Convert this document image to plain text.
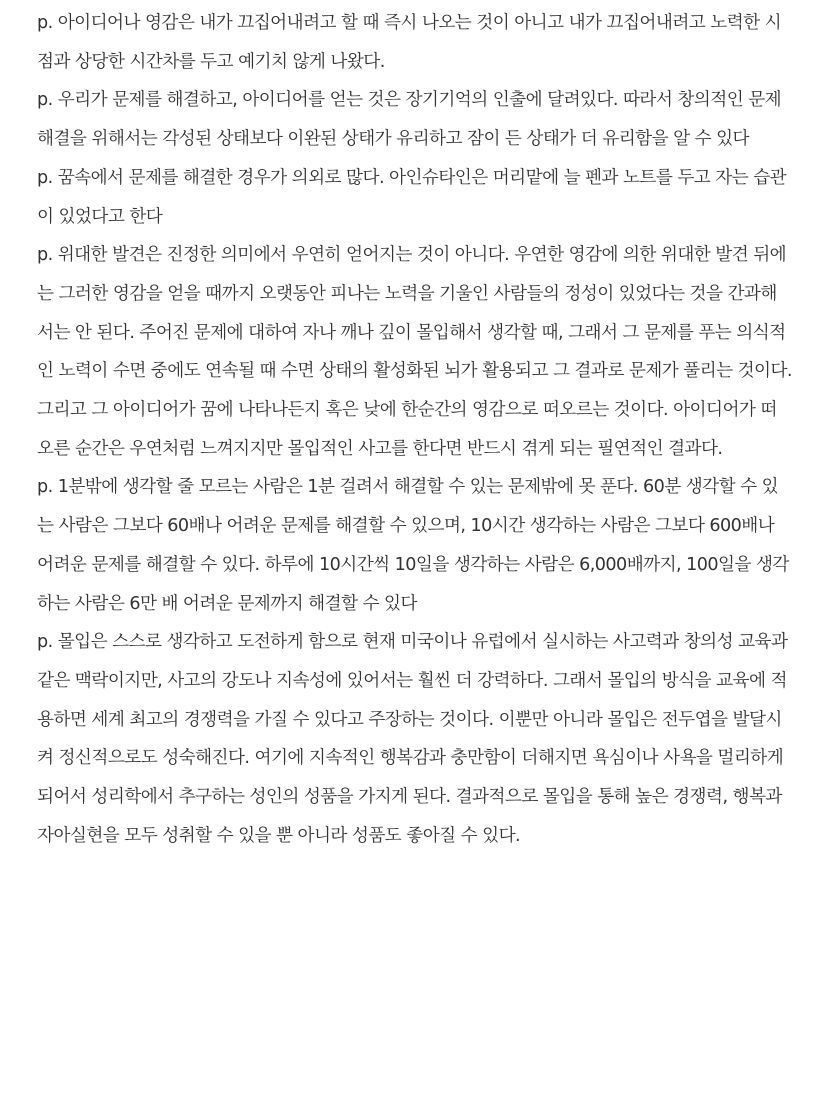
p. 아이디어나 영감은 내가 끄집어내려고 할 때 즉시 나오는 것이 아니고 내가 끄집어내려고 노력한 시점과 상당한 시간차를 두고 예기치 않게 나왔다.

p. 우리가 문제를 해결하고, 아이디어를 얻는 것은 장기기억의 인출에 달려있다. 따라서 창의적인 문제 해결을 위해서는 각성된 상태보다 이완된 상태가 유리하고 잠이 든 상태가 더 유리함을 알 수 있다

p. 꿈속에서 문제를 해결한 경우가 의외로 많다. 아인슈타인은 머리맡에 늘 펜과 노트를 두고 자는 습관이 있었다고 한다

p. 위대한 발견은 진정한 의미에서 우연히 얻어지는 것이 아니다. 우연한 영감에 의한 위대한 발견 뒤에는 그러한 영감을 얻을 때까지 오랫동안 피나는 노력을 기울인 사람들의 정성이 있었다는 것을 간과해서는 안 된다. 주어진 문제에 대하여 자나 깨나 깊이 몰입해서 생각할 때, 그래서 그 문제를 푸는 의식적인 노력이 수면 중에도 연속될 때 수면 상태의 활성화된 뇌가 활용되고 그 결과로 문제가 풀리는 것이다. 그리고 그 아이디어가 꿈에 나타나든지 혹은 낮에 한순간의 영감으로 떠오르는 것이다. 아이디어가 떠오른 순간은 우연처럼 느껴지지만 몰입적인 사고를 한다면 반드시 겪게 되는 필연적인 결과다.

p. 1분밖에 생각할 줄 모르는 사람은 1분 걸려서 해결할 수 있는 문제밖에 못 푼다. 60분 생각할 수 있는 사람은 그보다 60배나 어려운 문제를 해결할 수 있으며, 10시간 생각하는 사람은 그보다 600배나 어려운 문제를 해결할 수 있다. 하루에 10시간씩 10일을 생각하는 사람은 6,000배까지, 100일을 생각하는 사람은 6만 배 어려운 문제까지 해결할 수 있다

p. 몰입은 스스로 생각하고 도전하게 함으로 현재 미국이나 유럽에서 실시하는 사고력과 창의성 교육과 같은 맥락이지만, 사고의 강도나 지속성에 있어서는 훨씬 더 강력하다. 그래서 몰입의 방식을 교육에 적용하면 세계 최고의 경쟁력을 가질 수 있다고 주장하는 것이다. 이뿐만 아니라 몰입은 전두엽을 발달시켜 정신적으로도 성숙해진다. 여기에 지속적인 행복감과 충만함이 더해지면 욕심이나 사욕을 멀리하게 되어서 성리학에서 추구하는 성인의 성품을 가지게 된다. 결과적으로 몰입을 통해 높은 경쟁력, 행복과 자아실현을 모두 성취할 수 있을 뿐 아니라 성품도 좋아질 수 있다.
